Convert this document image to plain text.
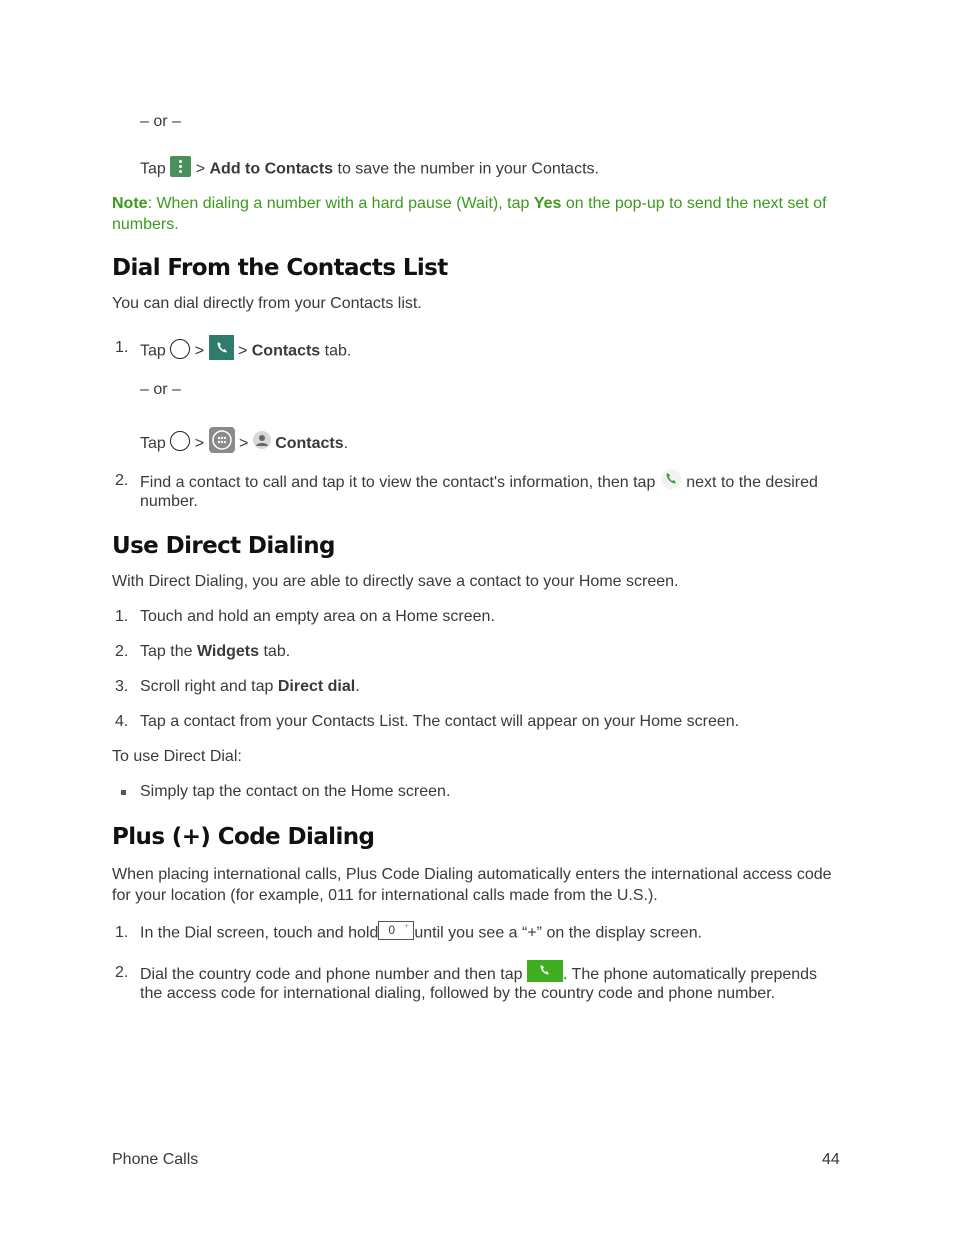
– or –
Tap > Add to Contacts to save the number in your Contacts.
Note: When dialing a number with a hard pause (Wait), tap Yes on the pop-up to send the next set of numbers.
Dial From the Contacts List
You can dial directly from your Contacts list.
1. Tap > > Contacts tab.
– or –
Tap > > Contacts.
2. Find a contact to call and tap it to view the contact's information, then tap next to the desired
number.
Use Direct Dialing
With Direct Dialing, you are able to directly save a contact to your Home screen.
1. Touch and hold an empty area on a Home screen.
2. Tap the Widgets tab.
3. Scroll right and tap Direct dial.
4. Tap a contact from your Contacts List. The contact will appear on your Home screen.
To use Direct Dial:
Simply tap the contact on the Home screen.
Plus (+) Code Dialing
When placing international calls, Plus Code Dialing automatically enters the international access code for your location (for example, 011 for international calls made from the U.S.).
1. In the Dial screen, touch and hold 0 + until you see a “+” on the display screen.
2. Dial the country code and phone number and then tap	. The phone automatically prepends
the access code for international dialing, followed by the country code and phone number.
Phone Calls	44
